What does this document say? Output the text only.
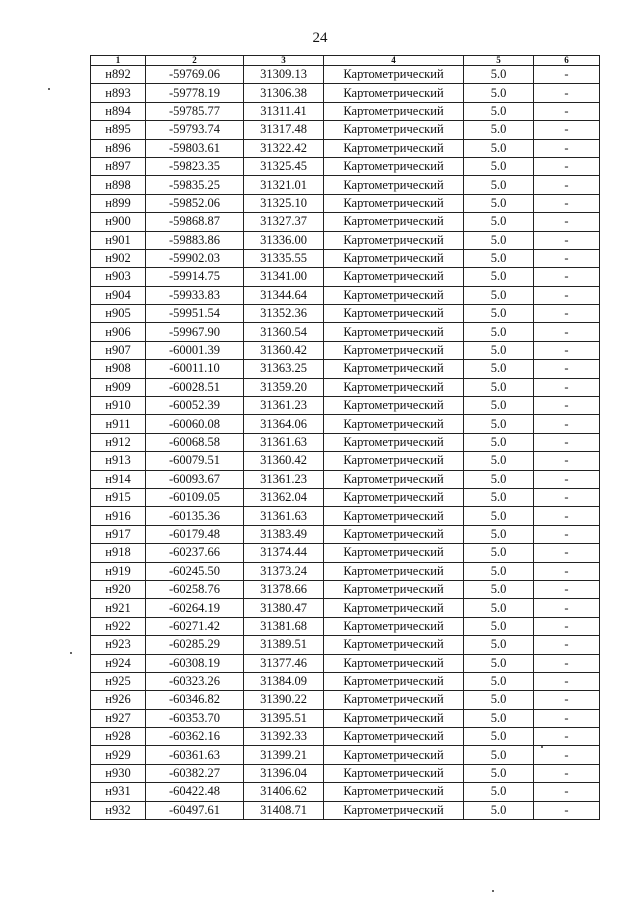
24
1	2	3	4	5	6
н892	-59769.06	31309.13	Картометрический	5.0	-
н893	-59778.19	31306.38	Картометрический	5.0	-
н894	-59785.77	31311.41	Картометрический	5.0	-
н895	-59793.74	31317.48	Картометрический	5.0	-
н896	-59803.61	31322.42	Картометрический	5.0	-
н897	-59823.35	31325.45	Картометрический	5.0	-
н898	-59835.25	31321.01	Картометрический	5.0	-
н899	-59852.06	31325.10	Картометрический	5.0	-
н900	-59868.87	31327.37	Картометрический	5.0	-
н901	-59883.86	31336.00	Картометрический	5.0	-
н902	-59902.03	31335.55	Картометрический	5.0	-
н903	-59914.75	31341.00	Картометрический	5.0	-
н904	-59933.83	31344.64	Картометрический	5.0	-
н905	-59951.54	31352.36	Картометрический	5.0	-
н906	-59967.90	31360.54	Картометрический	5.0	-
н907	-60001.39	31360.42	Картометрический	5.0	-
н908	-60011.10	31363.25	Картометрический	5.0	-
н909	-60028.51	31359.20	Картометрический	5.0	-
н910	-60052.39	31361.23	Картометрический	5.0	-
н911	-60060.08	31364.06	Картометрический	5.0	-
н912	-60068.58	31361.63	Картометрический	5.0	-
н913	-60079.51	31360.42	Картометрический	5.0	-
н914	-60093.67	31361.23	Картометрический	5.0	-
н915	-60109.05	31362.04	Картометрический	5.0	-
н916	-60135.36	31361.63	Картометрический	5.0	-
н917	-60179.48	31383.49	Картометрический	5.0	-
н918	-60237.66	31374.44	Картометрический	5.0	-
н919	-60245.50	31373.24	Картометрический	5.0	-
н920	-60258.76	31378.66	Картометрический	5.0	-
н921	-60264.19	31380.47	Картометрический	5.0	-
н922	-60271.42	31381.68	Картометрический	5.0	-
н923	-60285.29	31389.51	Картометрический	5.0	-
н924	-60308.19	31377.46	Картометрический	5.0	-
н925	-60323.26	31384.09	Картометрический	5.0	-
н926	-60346.82	31390.22	Картометрический	5.0	-
н927	-60353.70	31395.51	Картометрический	5.0	-
н928	-60362.16	31392.33	Картометрический	5.0	-
н929	-60361.63	31399.21	Картометрический	5.0	-
н930	-60382.27	31396.04	Картометрический	5.0	-
н931	-60422.48	31406.62	Картометрический	5.0	-
н932	-60497.61	31408.71	Картометрический	5.0	-
